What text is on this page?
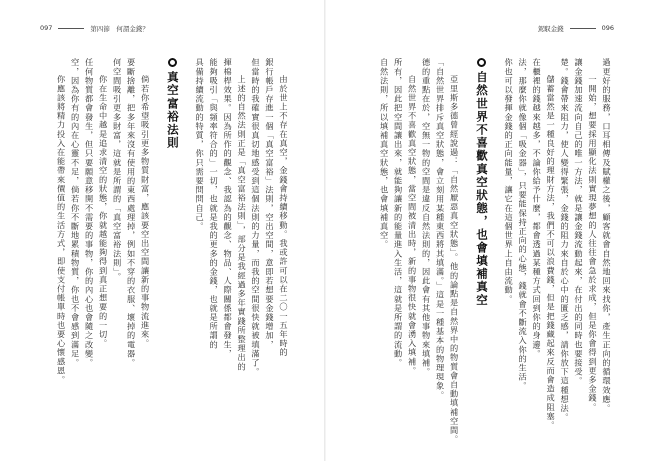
097	第四節　何謂金錢？
由於世上不存在真空，金錢會持續移動。我或許可以在二〇一五年時的
銀行帳戶存進一個「真空富裕」法則，空出空間，意即若想要金錢增加，
但當時的我確實很真切地感受到這個法則的力量，而我的空間很快就被填滿了。
上述的自然法則正是「真空富裕法則」，部分是我經過多年實踐所整理出的
揮棉桿效果。因為所作的觀念、我認為的觀念、物品、人際關係都會發生，
能夠吸引「與頻率符合的」一切，也就是我的更多的金錢，也就是所謂的
具備持續流動的特質，你只需要問問自己。
真空富裕法則
倘若你希望吸引更多物質財富，應該要空出空間讓新的事物流進來。
要斷捨離，把多年來沒有使用的東西處理掉，例如不穿的衣服、壞掉的電器。
何空間吸引更多財富，這就是所謂的「真空富裕法則」。
你在生命中越是追求清空的狀態，你就越能夠得到真正想要的一切。
任何物質都會發生，但只要願意移開不需要的事物，你的內心也會隨之改變。
空，因為你有的內在心靈不足，倘若你不斷地累積物質，你也不會感到滿足。
你應該將精力投入在能帶來價值的生活方式，即使支付帳單時也要心懷感恩。
駕馭金錢	096
過更好的服務，口耳相傳及賦權之後，顧客就會自然地回來找你，產生正向的循環效應。
一開始，想要採用顯化法則實現夢想的人往往會急於求成，但是你會得到更多金錢。
讓金錢加速流向自己的唯一方法，就是讓金錢流動起來，在付出的同時也要接受。
楚。錢會帶來阻力，使人變得緊張，金錢的阻力來自於心中的匱乏感，請你放下這種想法。
儲蓄當然是一種良好的理財方法，我們不可以浪費錢，但是把錢藏起來反而會造成阻塞。
在櫃裡的錢越來越多，不論你給予什麼，都會透過某種方式回到你的身邊。
法，那麼你就像個「吸金器」，只要能保持正向的心態，錢就會不斷流入你的生活。
你也可以發揮金錢的正向能量，讓它在這個世界上自由流動。
自然世界不喜歡真空狀態，也會填補真空
亞里斯多德曾經說過：「自然厭惡真空狀態」。他的論點是自然界中的物質會自動填補空間。
「自然世界排斥真空狀態，會立刻用某種東西將其填滿。」這是一種基本的物理現象。
德的重點在於，空無一物的空間是違反自然法則的，因此會有其他事物來填補。
自然世界不喜歡真空狀態，當空間被清出時，新的事物很快就會湧入填補。
所有，因此把空間讓出來，就能夠讓新的能量進入生活，這就是所謂的流動。
自然法則，所以填補真空狀態，也會填補真空。
